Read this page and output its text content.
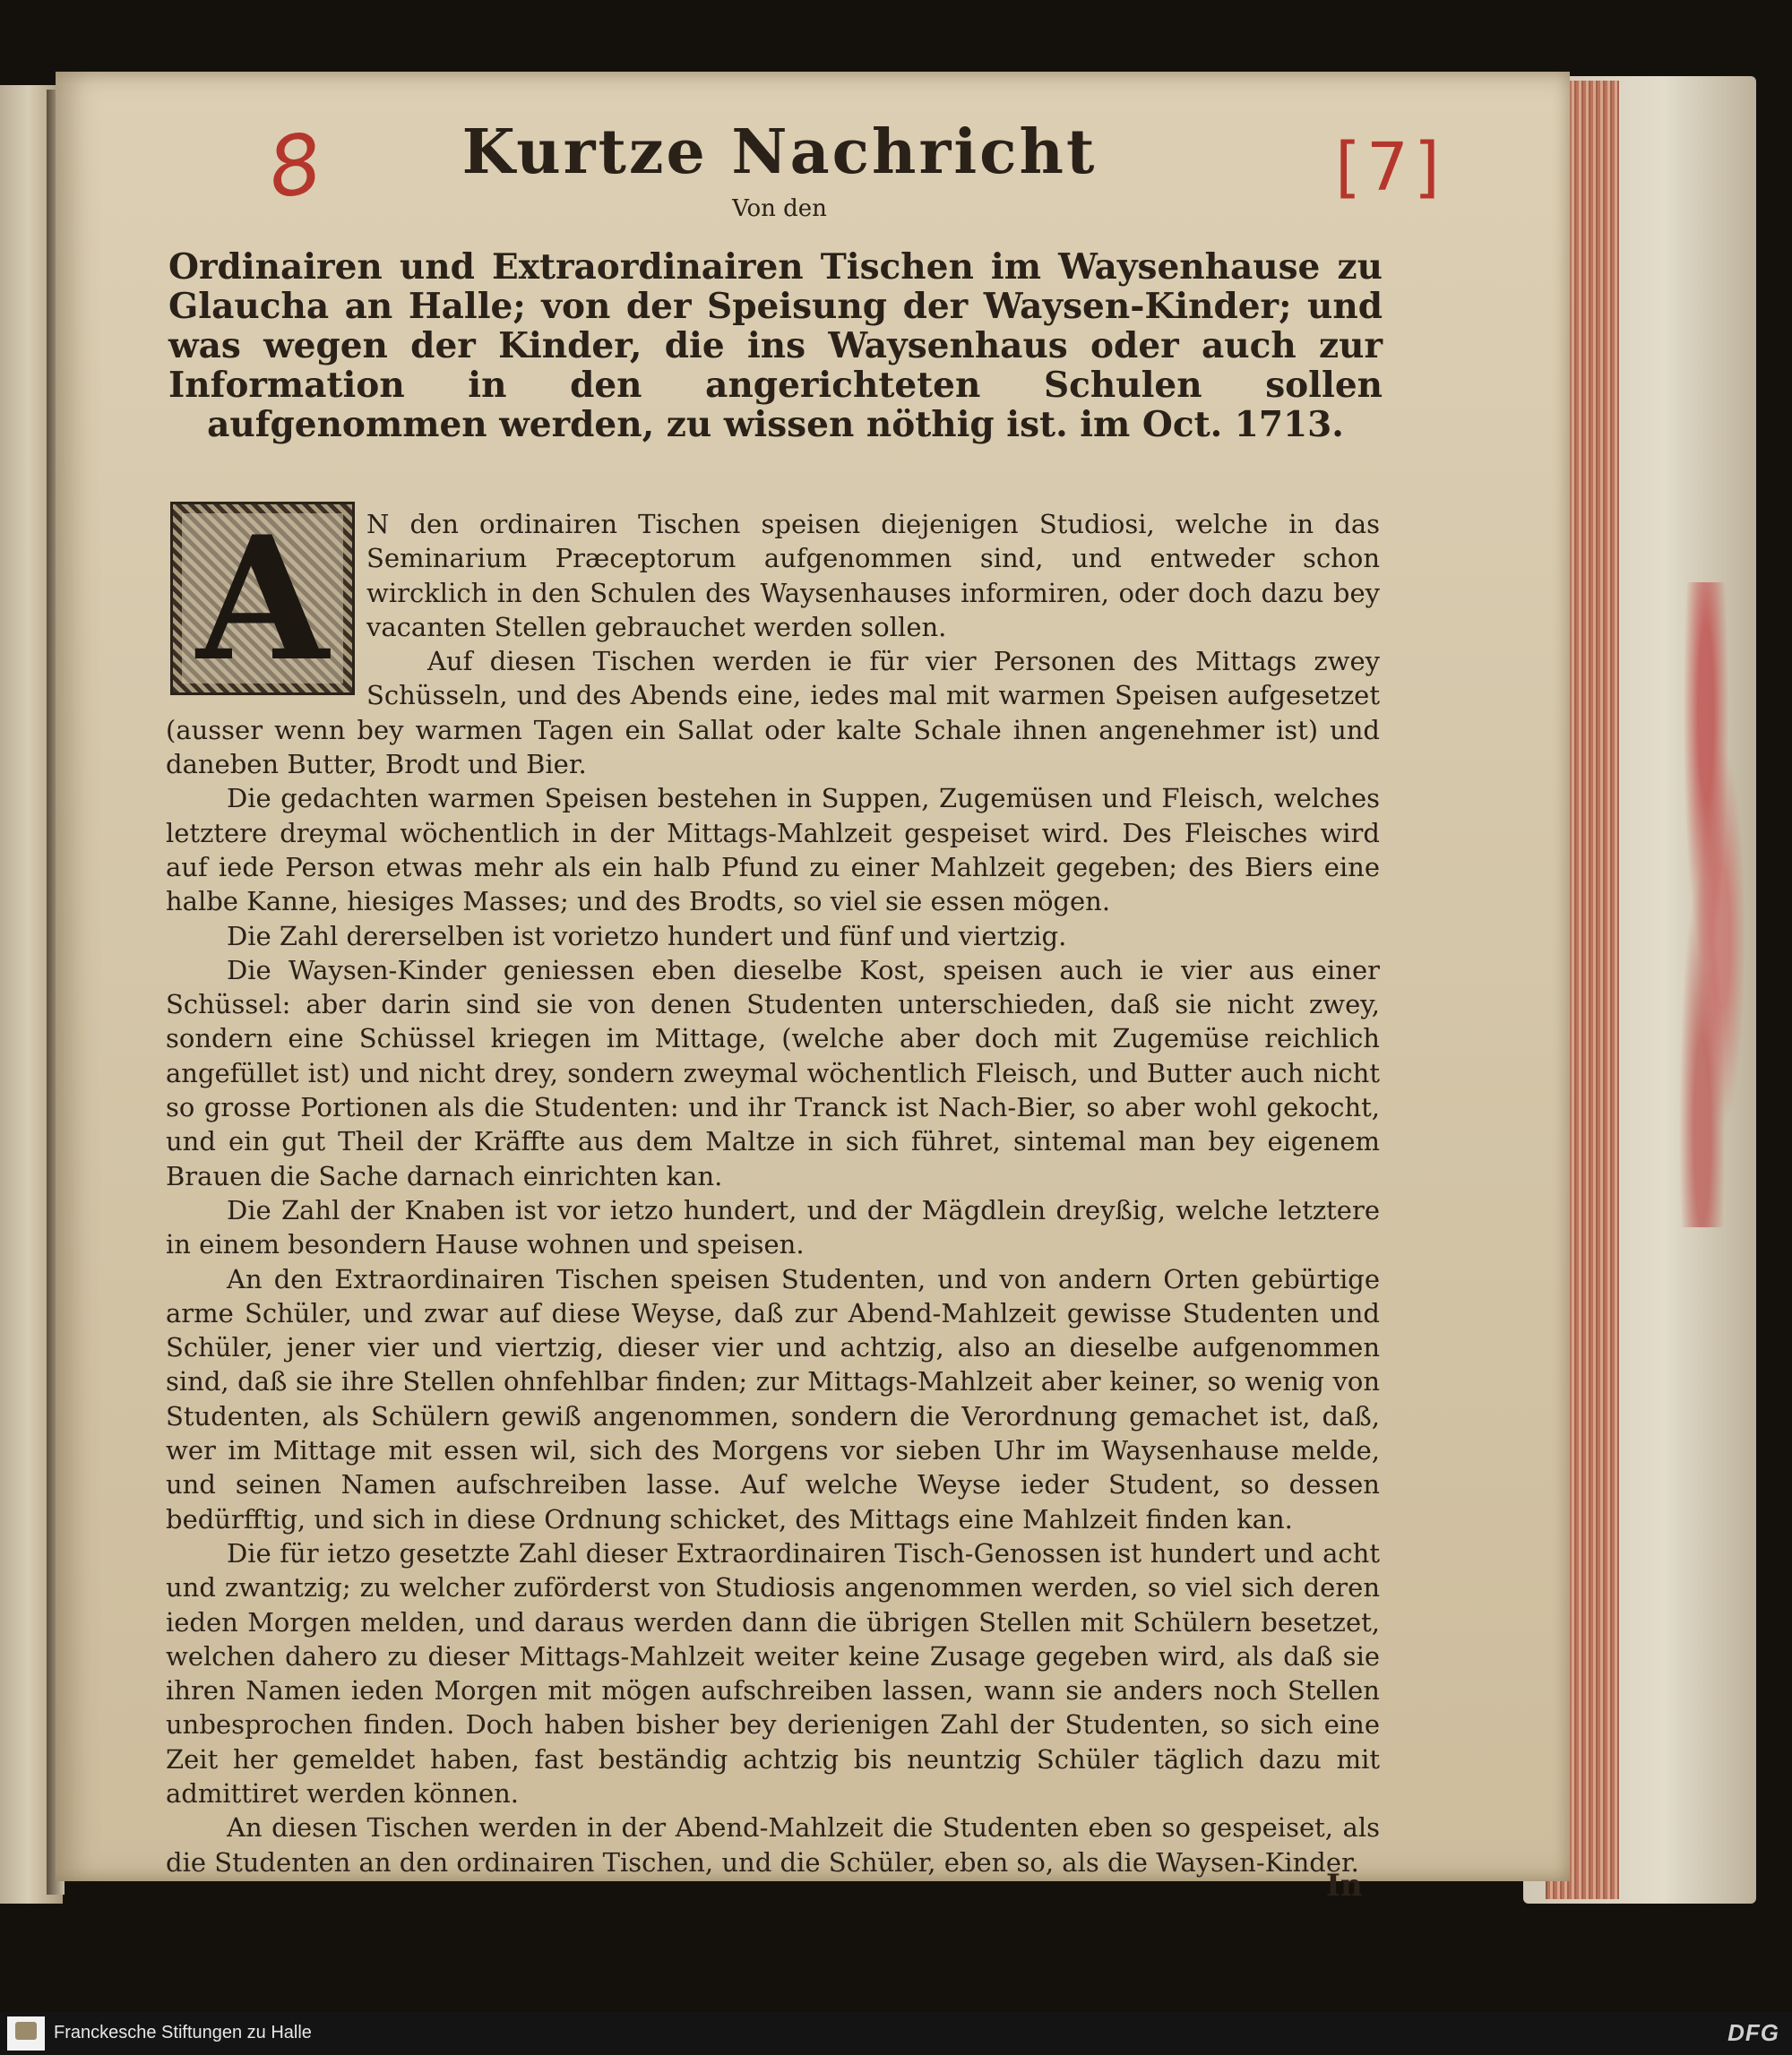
8	[7]

Kurtze Nachricht

Von den

Ordinairen und Extraordinairen Tischen im Waysenhause zu Glaucha an Halle; von der Speisung der Waysen-Kinder; und was wegen der Kinder, die ins Waysenhaus oder auch zur Information in den angerichteten Schulen sollen aufgenommen werden, zu wissen nöthig ist. im Oct. 1713.
A	N den ordinairen Tischen speisen diejenigen Studiosi, welche in das Seminarium Præceptorum aufgenommen sind, und entweder schon wircklich in den Schulen des Waysenhauses informiren, oder doch dazu bey vacanten Stellen gebrauchet werden sollen.

Auf diesen Tischen werden ie für vier Personen des Mittags zwey Schüsseln, und des Abends eine, iedes mal mit warmen Speisen aufgesetzet (ausser wenn bey warmen Tagen ein Sallat oder kalte Schale ihnen angenehmer ist) und daneben Butter, Brodt und Bier.

Die gedachten warmen Speisen bestehen in Suppen, Zugemüsen und Fleisch, welches letztere dreymal wöchentlich in der Mittags-Mahlzeit gespeiset wird. Des Fleisches wird auf iede Person etwas mehr als ein halb Pfund zu einer Mahlzeit gegeben; des Biers eine halbe Kanne, hiesiges Masses; und des Brodts, so viel sie essen mögen.

Die Zahl dererselben ist vorietzo hundert und fünf und viertzig.

Die Waysen-Kinder geniessen eben dieselbe Kost, speisen auch ie vier aus einer Schüssel: aber darin sind sie von denen Studenten unterschieden, daß sie nicht zwey, sondern eine Schüssel kriegen im Mittage, (welche aber doch mit Zugemüse reichlich angefüllet ist) und nicht drey, sondern zweymal wöchentlich Fleisch, und Butter auch nicht so grosse Portionen als die Studenten: und ihr Tranck ist Nach-Bier, so aber wohl gekocht, und ein gut Theil der Kräffte aus dem Maltze in sich führet, sintemal man bey eigenem Brauen die Sache darnach einrichten kan.

Die Zahl der Knaben ist vor ietzo hundert, und der Mägdlein dreyßig, welche letztere in einem besondern Hause wohnen und speisen.

An den Extraordinairen Tischen speisen Studenten, und von andern Orten gebürtige arme Schüler, und zwar auf diese Weyse, daß zur Abend-Mahlzeit gewisse Studenten und Schüler, jener vier und viertzig, dieser vier und achtzig, also an dieselbe aufgenommen sind, daß sie ihre Stellen ohnfehlbar finden; zur Mittags-Mahlzeit aber keiner, so wenig von Studenten, als Schülern gewiß angenommen, sondern die Verordnung gemachet ist, daß, wer im Mittage mit essen wil, sich des Morgens vor sieben Uhr im Waysenhause melde, und seinen Namen aufschreiben lasse. Auf welche Weyse ieder Student, so dessen bedürfftig, und sich in diese Ordnung schicket, des Mittags eine Mahlzeit finden kan.

Die für ietzo gesetzte Zahl dieser Extraordinairen Tisch-Genossen ist hundert und acht und zwantzig; zu welcher zuförderst von Studiosis angenommen werden, so viel sich deren ieden Morgen melden, und daraus werden dann die übrigen Stellen mit Schülern besetzet, welchen dahero zu dieser Mittags-Mahlzeit weiter keine Zusage gegeben wird, als daß sie ihren Namen ieden Morgen mit mögen aufschreiben lassen, wann sie anders noch Stellen unbesprochen finden. Doch haben bisher bey derienigen Zahl der Studenten, so sich eine Zeit her gemeldet haben, fast beständig achtzig bis neuntzig Schüler täglich dazu mit admittiret werden können.

An diesen Tischen werden in der Abend-Mahlzeit die Studenten eben so gespeiset, als die Studenten an den ordinairen Tischen, und die Schüler, eben so, als die Waysen-Kinder.

In
Franckesche Stiftungen zu Halle	DFG
